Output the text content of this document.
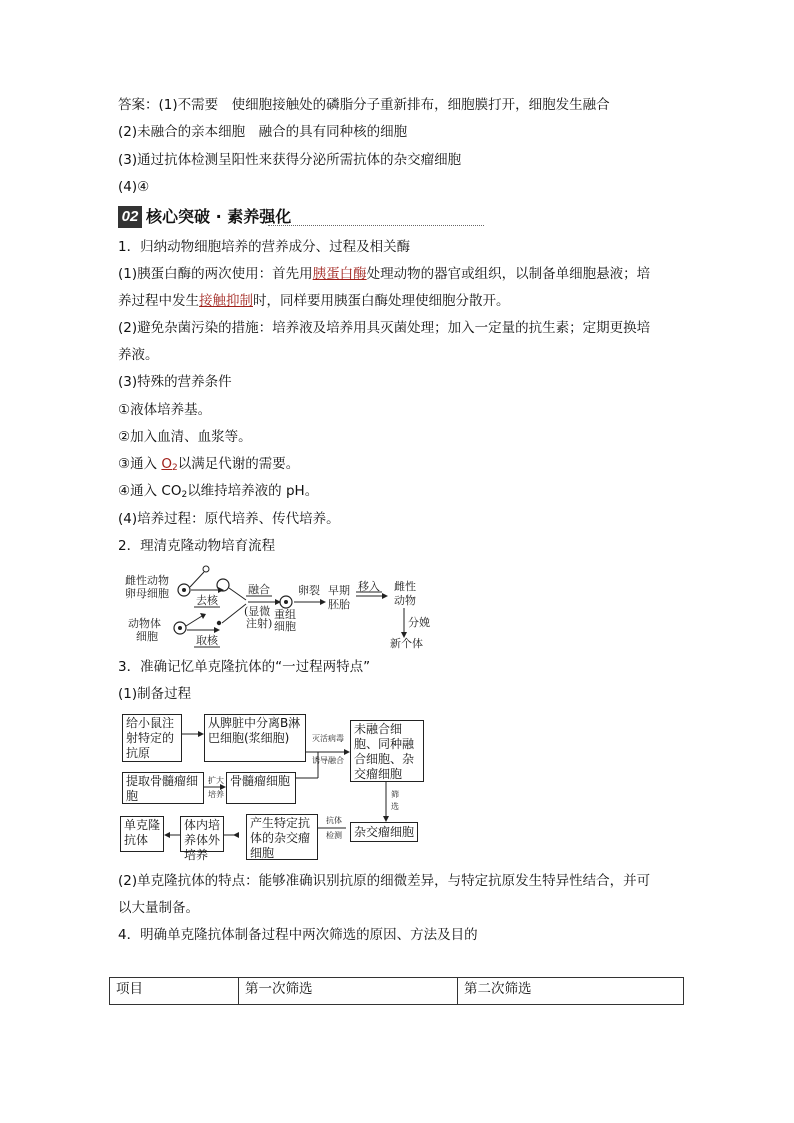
答案：(1)不需要　使细胞接触处的磷脂分子重新排布，细胞膜打开，细胞发生融合
(2)未融合的亲本细胞　融合的具有同种核的细胞
(3)通过抗体检测呈阳性来获得分泌所需抗体的杂交瘤细胞
(4)④
02 核心突破 · 素养强化
1．归纳动物细胞培养的营养成分、过程及相关酶
(1)胰蛋白酶的两次使用：首先用胰蛋白酶处理动物的器官或组织，以制备单细胞悬液；培
养过程中发生接触抑制时，同样要用胰蛋白酶处理使细胞分散开。
(2)避免杂菌污染的措施：培养液及培养用具灭菌处理；加入一定量的抗生素；定期更换培
养液。
(3)特殊的营养条件
①液体培养基。
②加入血清、血浆等。
③通入 $O_2$以满足代谢的需要。
④通入 $CO_2$以维持培养液的 pH。
(4)培养过程：原代培养、传代培养。
2．理清克隆动物培育流程
雌性动物
卵母细胞
动物体
细胞
去核
取核
融合
(显微
注射)
重组
细胞
卵裂 早期
胚胎
移入 雌性
动物
分娩
新个体
3．准确记忆单克隆抗体的“一过程两特点”
(1)制备过程
给小鼠注射特定的抗原
从脾脏中分离B淋巴细胞(浆细胞)
未融合细胞、同种融合细胞、杂交瘤细胞
提取骨髓瘤细胞
骨髓瘤细胞
杂交瘤细胞
产生特定抗体的杂交瘤细胞
体内培养体外培养
单克隆抗体
灭活病毒
诱导融合
扩大
培养	筛
选
抗体
检测
(2)单克隆抗体的特点：能够准确识别抗原的细微差异，与特定抗原发生特异性结合，并可
以大量制备。
4．明确单克隆抗体制备过程中两次筛选的原因、方法及目的
项目	第一次筛选	第二次筛选
